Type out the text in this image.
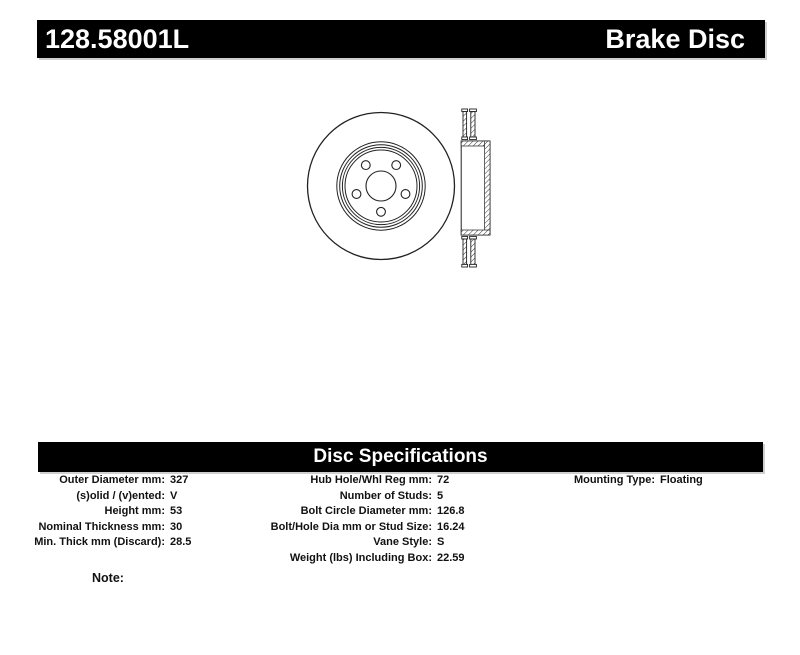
128.58001L	Brake Disc
Disc Specifications
Outer Diameter mm: 327
(s)olid / (v)ented: V
Height mm: 53
Nominal Thickness mm: 30
Min. Thick mm (Discard): 28.5
Hub Hole/Whl Reg mm: 72
Number of Studs: 5
Bolt Circle Diameter mm: 126.8
Bolt/Hole Dia mm or Stud Size: 16.24
Vane Style: S
Weight (lbs) Including Box: 22.59
Mounting Type: Floating
Note:
